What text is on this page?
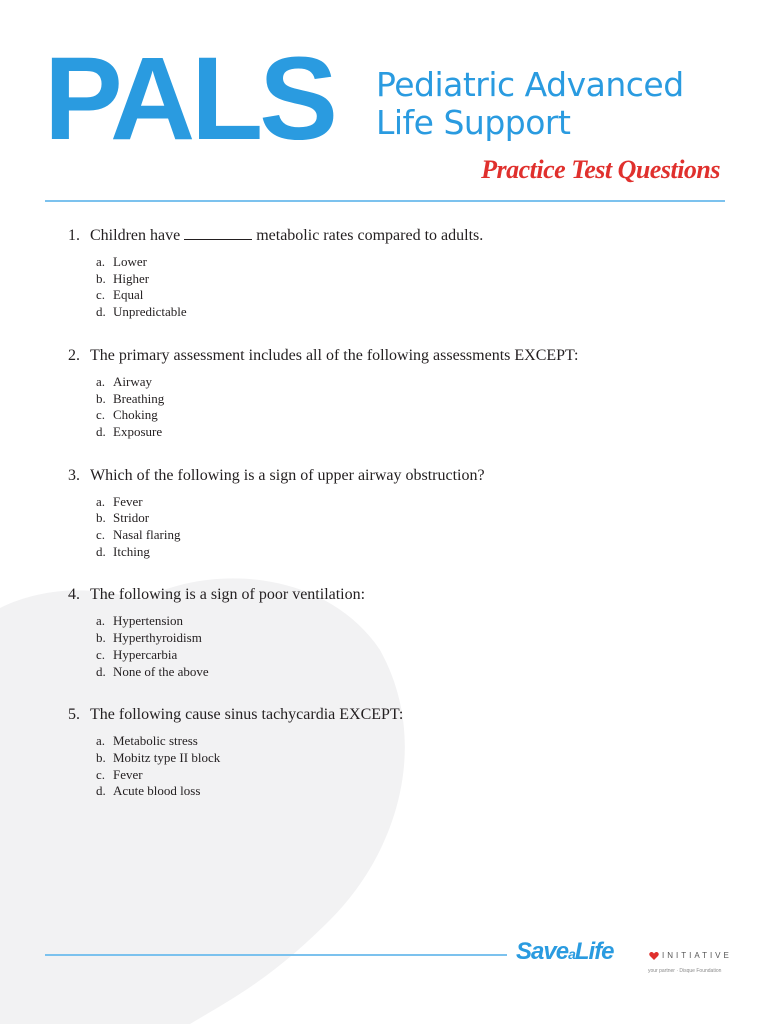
PALS Pediatric Advanced
Life Support
Practice Test Questions
1. Children have	metabolic rates compared to adults.
a. Lower
b. Higher
c. Equal
d. Unpredictable
2. The primary assessment includes all of the following assessments EXCEPT:
a. Airway
b. Breathing
c. Choking
d. Exposure
3. Which of the following is a sign of upper airway obstruction?
a. Fever
b. Stridor
c. Nasal flaring
d. Itching
4. The following is a sign of poor ventilation:
a. Hypertension
b. Hyperthyroidism
c. Hypercarbia
d. None of the above
5. The following cause sinus tachycardia EXCEPT:
a. Metabolic stress
b. Mobitz type II block
c. Fever
d. Acute blood loss
SaveaLife	INITIATIVE
your partner · Disque Foundation
